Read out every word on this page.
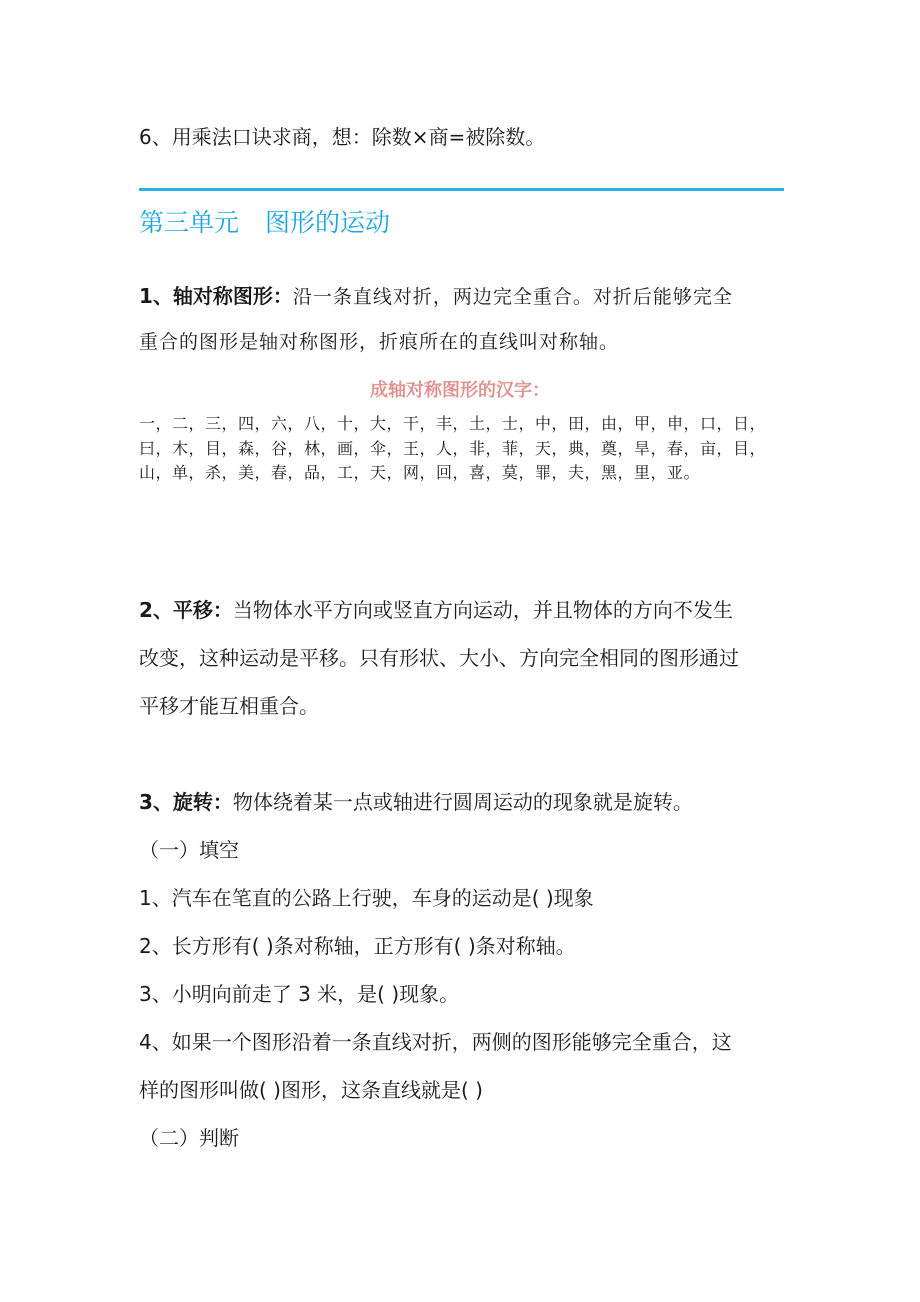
6、用乘法口诀求商，想：除数×商=被除数。
第三单元 图形的运动
1、轴对称图形：沿一条直线对折，两边完全重合。对折后能够完全
重合的图形是轴对称图形，折痕所在的直线叫对称轴。
成轴对称图形的汉字：
一，二，三，四，六，八，十，大，干，丰，土，士，中，田，由，甲，申，口，日，曰，木，目，森，谷，林，画，伞，王，人，非，菲，天，典，奠，旱，春，亩，目，山，单，杀，美，春，品，工，天，网，回，喜，莫，罪，夫，黑，里，亚。
2、平移：当物体水平方向或竖直方向运动，并且物体的方向不发生
改变，这种运动是平移。只有形状、大小、方向完全相同的图形通过
平移才能互相重合。
3、旋转：物体绕着某一点或轴进行圆周运动的现象就是旋转。
（一）填空
1、汽车在笔直的公路上行驶，车身的运动是( )现象
2、长方形有( )条对称轴，正方形有( )条对称轴。
3、小明向前走了 3 米，是( )现象。
4、如果一个图形沿着一条直线对折，两侧的图形能够完全重合，这
样的图形叫做( )图形，这条直线就是( )
（二）判断
